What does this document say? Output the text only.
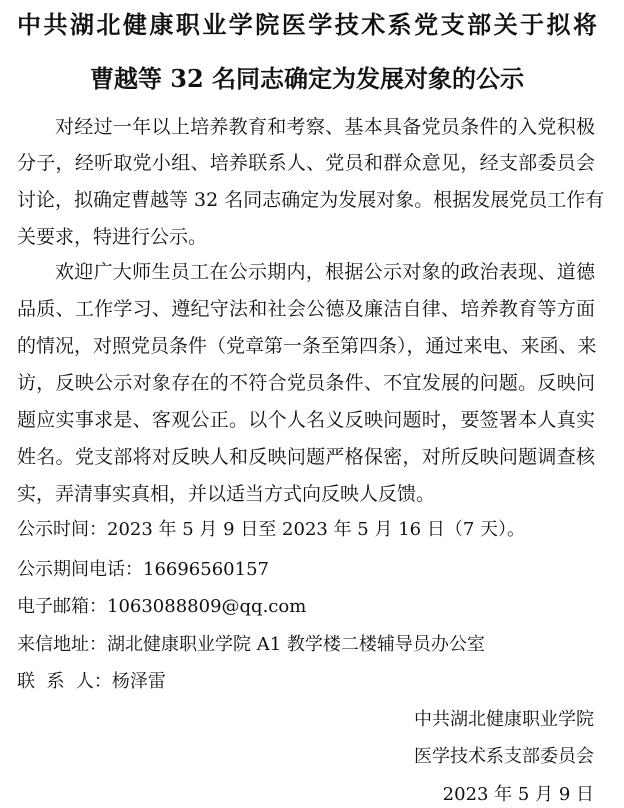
中共湖北健康职业学院医学技术系党支部关于拟将
曹越等 32 名同志确定为发展对象的公示
对经过一年以上培养教育和考察、基本具备党员条件的入党积极
分子，经听取党小组、培养联系人、党员和群众意见，经支部委员会
讨论，拟确定曹越等 32 名同志确定为发展对象。根据发展党员工作有
关要求，特进行公示。
欢迎广大师生员工在公示期内，根据公示对象的政治表现、道德
品质、工作学习、遵纪守法和社会公德及廉洁自律、培养教育等方面
的情况，对照党员条件（党章第一条至第四条），通过来电、来函、来
访，反映公示对象存在的不符合党员条件、不宜发展的问题。反映问
题应实事求是、客观公正。以个人名义反映问题时，要签署本人真实
姓名。党支部将对反映人和反映问题严格保密，对所反映问题调查核
实，弄清事实真相，并以适当方式向反映人反馈。
公示时间：2023 年 5 月 9 日至 2023 年 5 月 16 日（7 天）。
公示期间电话：16696560157
电子邮箱：1063088809@qq.com
来信地址：湖北健康职业学院 A1 教学楼二楼辅导员办公室
联  系  人：杨泽雷
中共湖北健康职业学院
医学技术系支部委员会
2023 年 5 月 9 日
